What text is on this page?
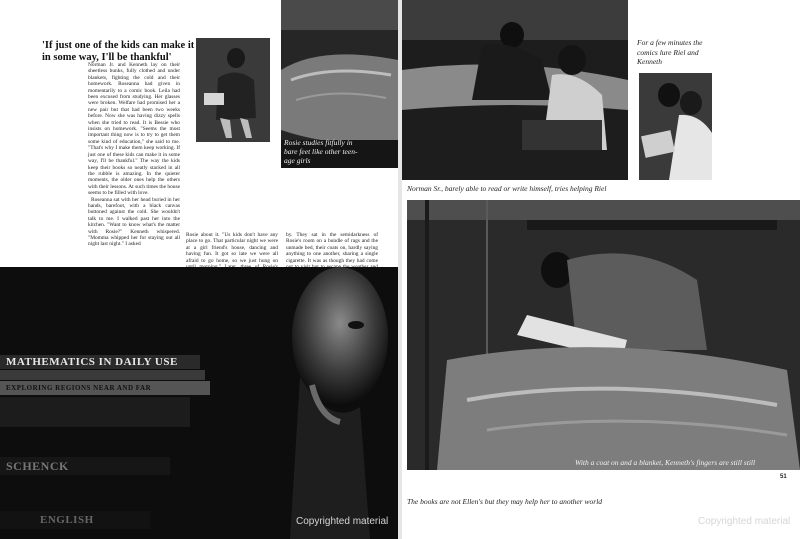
'If just one of the kids can make it in some way, I'll be thankful'
Norman Jr. and Kenneth lay on their sheetless bunks, fully clothed and under blankets, fighting the cold and their homework. Roseanna had given in momentarily to a comic book. Leila had been excused from studying. Her glasses were broken. Welfare had promised her a new pair but that had been two weeks before. Now she was having dizzy spells when she tried to read. It is Bessie who insists on homework. "Seems the most important thing now is to try to get them some kind of education," she said to me. "That's why I make them keep working. If just one of these kids can make it in some way, I'll be thankful." The way the kids keep their books so neatly stacked in all the rubble is amazing. In the quieter moments, the older ones help the others with their lessons. At such times the house seems to be filled with love.
Roseanna sat with her head buried in her hands, barefoot, with a black canvas buttoned against the cold. She wouldn't talk to me. I walked past her into the kitchen. "Want to know what's the matter with Rosie?" Kenneth whispered. "Momma whipped her for staying out all night last night." I asked
Rosie about it. "Us kids don't have any place to go. That particular night we were at a girl friend's house, dancing and having fun. It got so late we were all afraid to go home, so we just hung on
by. They sat in the semidarkness of Rosie's room on a bundle of rags and the unmade bed, their coats on, hardly saying anything to one another, sharing a single cigarette. It was as though they had come
Rosie studies fitfully in bare feet like other teen-age girls
MATHEMATICS IN DAILY USE
EXPLORING REGIONS NEAR AND FAR
SCHENCK
ENGLISH	Copyrighted material
For a few minutes the comics lure Riel and Kenneth
Norman Sr., barely able to read or write himself, tries helping Riel
With a coat on and a blanket, Kenneth's fingers are still still
The books are not Ellen's but they may help her to another world
51
Copyrighted material
